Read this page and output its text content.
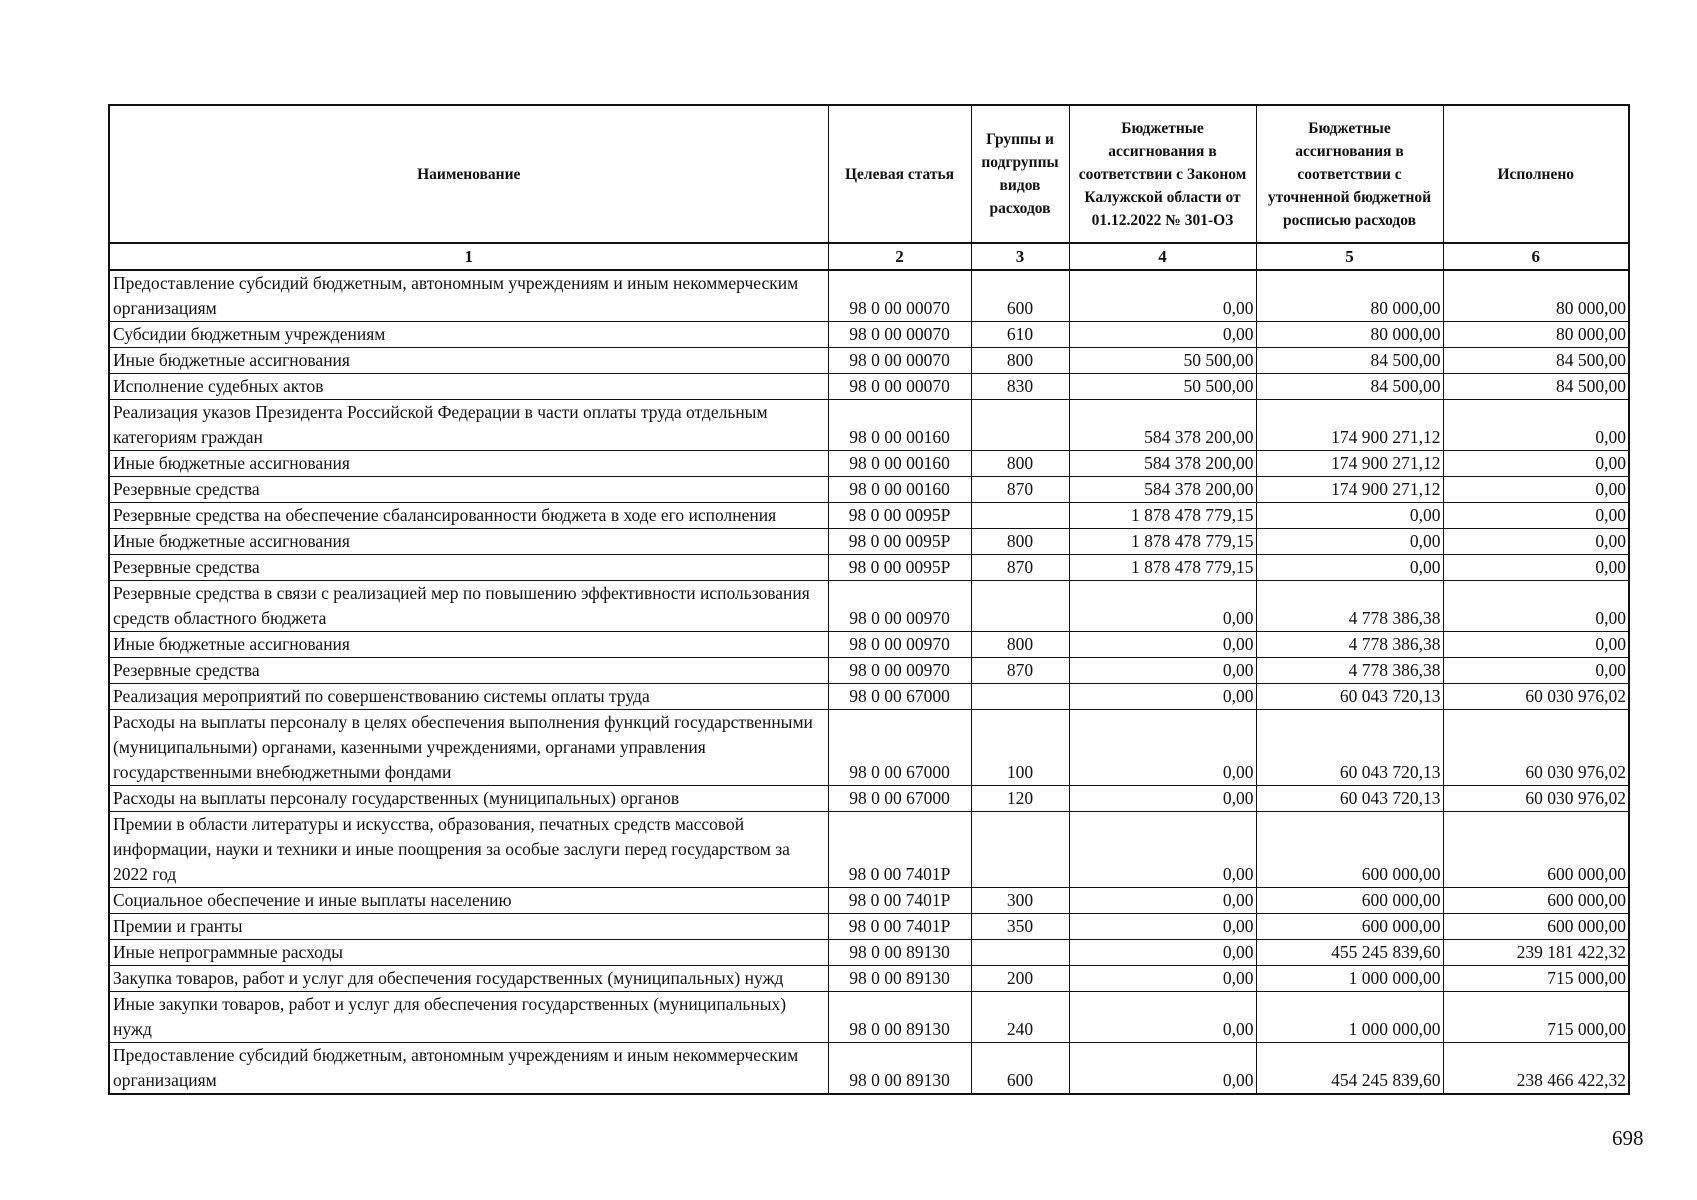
Наименование	Целевая статья	Группы и подгруппы видов расходов	Бюджетные ассигнования в соответствии с Законом Калужской области от 01.12.2022 № 301-ОЗ	Бюджетные ассигнования в соответствии с уточненной бюджетной росписью расходов	Исполнено
1	2	3	4	5	6
Предоставление субсидий бюджетным, автономным учреждениям и иным некоммерческим организациям	98 0 00 00070	600	0,00	80 000,00	80 000,00
Субсидии бюджетным учреждениям	98 0 00 00070	610	0,00	80 000,00	80 000,00
Иные бюджетные ассигнования	98 0 00 00070	800	50 500,00	84 500,00	84 500,00
Исполнение судебных актов	98 0 00 00070	830	50 500,00	84 500,00	84 500,00
Реализация указов Президента Российской Федерации в части оплаты труда отдельным категориям граждан	98 0 00 00160		584 378 200,00	174 900 271,12	0,00
Иные бюджетные ассигнования	98 0 00 00160	800	584 378 200,00	174 900 271,12	0,00
Резервные средства	98 0 00 00160	870	584 378 200,00	174 900 271,12	0,00
Резервные средства на обеспечение сбалансированности бюджета в ходе его исполнения	98 0 00 0095Р		1 878 478 779,15	0,00	0,00
Иные бюджетные ассигнования	98 0 00 0095Р	800	1 878 478 779,15	0,00	0,00
Резервные средства	98 0 00 0095Р	870	1 878 478 779,15	0,00	0,00
Резервные средства в связи с реализацией мер по повышению эффективности использования средств областного бюджета	98 0 00 00970		0,00	4 778 386,38	0,00
Иные бюджетные ассигнования	98 0 00 00970	800	0,00	4 778 386,38	0,00
Резервные средства	98 0 00 00970	870	0,00	4 778 386,38	0,00
Реализация мероприятий по совершенствованию системы оплаты труда	98 0 00 67000		0,00	60 043 720,13	60 030 976,02
Расходы на выплаты персоналу в целях обеспечения выполнения функций государственными (муниципальными) органами, казенными учреждениями, органами управления государственными внебюджетными фондами	98 0 00 67000	100	0,00	60 043 720,13	60 030 976,02
Расходы на выплаты персоналу государственных (муниципальных) органов	98 0 00 67000	120	0,00	60 043 720,13	60 030 976,02
Премии в области литературы и искусства, образования, печатных средств массовой информации, науки и техники и иные поощрения за особые заслуги перед государством за 2022 год	98 0 00 7401Р		0,00	600 000,00	600 000,00
Социальное обеспечение и иные выплаты населению	98 0 00 7401Р	300	0,00	600 000,00	600 000,00
Премии и гранты	98 0 00 7401Р	350	0,00	600 000,00	600 000,00
Иные непрограммные расходы	98 0 00 89130		0,00	455 245 839,60	239 181 422,32
Закупка товаров, работ и услуг для обеспечения государственных (муниципальных) нужд	98 0 00 89130	200	0,00	1 000 000,00	715 000,00
Иные закупки товаров, работ и услуг для обеспечения государственных (муниципальных) нужд	98 0 00 89130	240	0,00	1 000 000,00	715 000,00
Предоставление субсидий бюджетным, автономным учреждениям и иным некоммерческим организациям	98 0 00 89130	600	0,00	454 245 839,60	238 466 422,32
698
